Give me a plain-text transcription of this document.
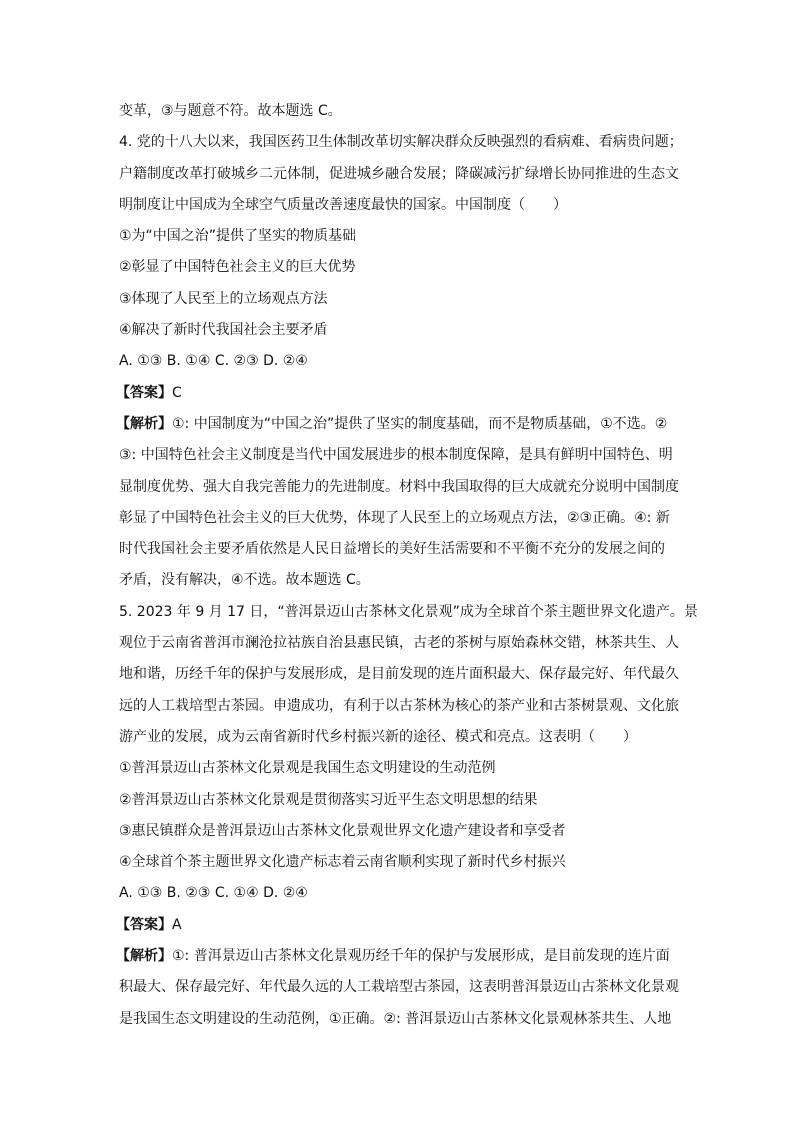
变革，③与题意不符。故本题选 C。
4. 党的十八大以来，我国医药卫生体制改革切实解决群众反映强烈的看病难、看病贵问题；
户籍制度改革打破城乡二元体制，促进城乡融合发展；降碳减污扩绿增长协同推进的生态文
明制度让中国成为全球空气质量改善速度最快的国家。中国制度（　　）
①为“中国之治”提供了坚实的物质基础
②彰显了中国特色社会主义的巨大优势
③体现了人民至上的立场观点方法
④解决了新时代我国社会主要矛盾
A. ①③ B. ①④ C. ②③ D. ②④
【答案】C
【解析】①: 中国制度为“中国之治”提供了坚实的制度基础，而不是物质基础，①不选。②
③: 中国特色社会主义制度是当代中国发展进步的根本制度保障，是具有鲜明中国特色、明
显制度优势、强大自我完善能力的先进制度。材料中我国取得的巨大成就充分说明中国制度
彰显了中国特色社会主义的巨大优势，体现了人民至上的立场观点方法，②③正确。④: 新
时代我国社会主要矛盾依然是人民日益增长的美好生活需要和不平衡不充分的发展之间的
矛盾，没有解决，④不选。故本题选 C。
5. 2023 年 9 月 17 日，“普洱景迈山古茶林文化景观”成为全球首个茶主题世界文化遗产。景
观位于云南省普洱市澜沧拉祜族自治县惠民镇，古老的茶树与原始森林交错，林茶共生、人
地和谐，历经千年的保护与发展形成，是目前发现的连片面积最大、保存最完好、年代最久
远的人工栽培型古茶园。申遗成功，有利于以古茶林为核心的茶产业和古茶树景观、文化旅
游产业的发展，成为云南省新时代乡村振兴新的途径、模式和亮点。这表明（　　）
①普洱景迈山古茶林文化景观是我国生态文明建设的生动范例
②普洱景迈山古茶林文化景观是贯彻落实习近平生态文明思想的结果
③惠民镇群众是普洱景迈山古茶林文化景观世界文化遗产建设者和享受者
④全球首个茶主题世界文化遗产标志着云南省顺利实现了新时代乡村振兴
A. ①③ B. ②③ C. ①④ D. ②④
【答案】A
【解析】①: 普洱景迈山古茶林文化景观历经千年的保护与发展形成，是目前发现的连片面
积最大、保存最完好、年代最久远的人工栽培型古茶园，这表明普洱景迈山古茶林文化景观
是我国生态文明建设的生动范例，①正确。②: 普洱景迈山古茶林文化景观林茶共生、人地
